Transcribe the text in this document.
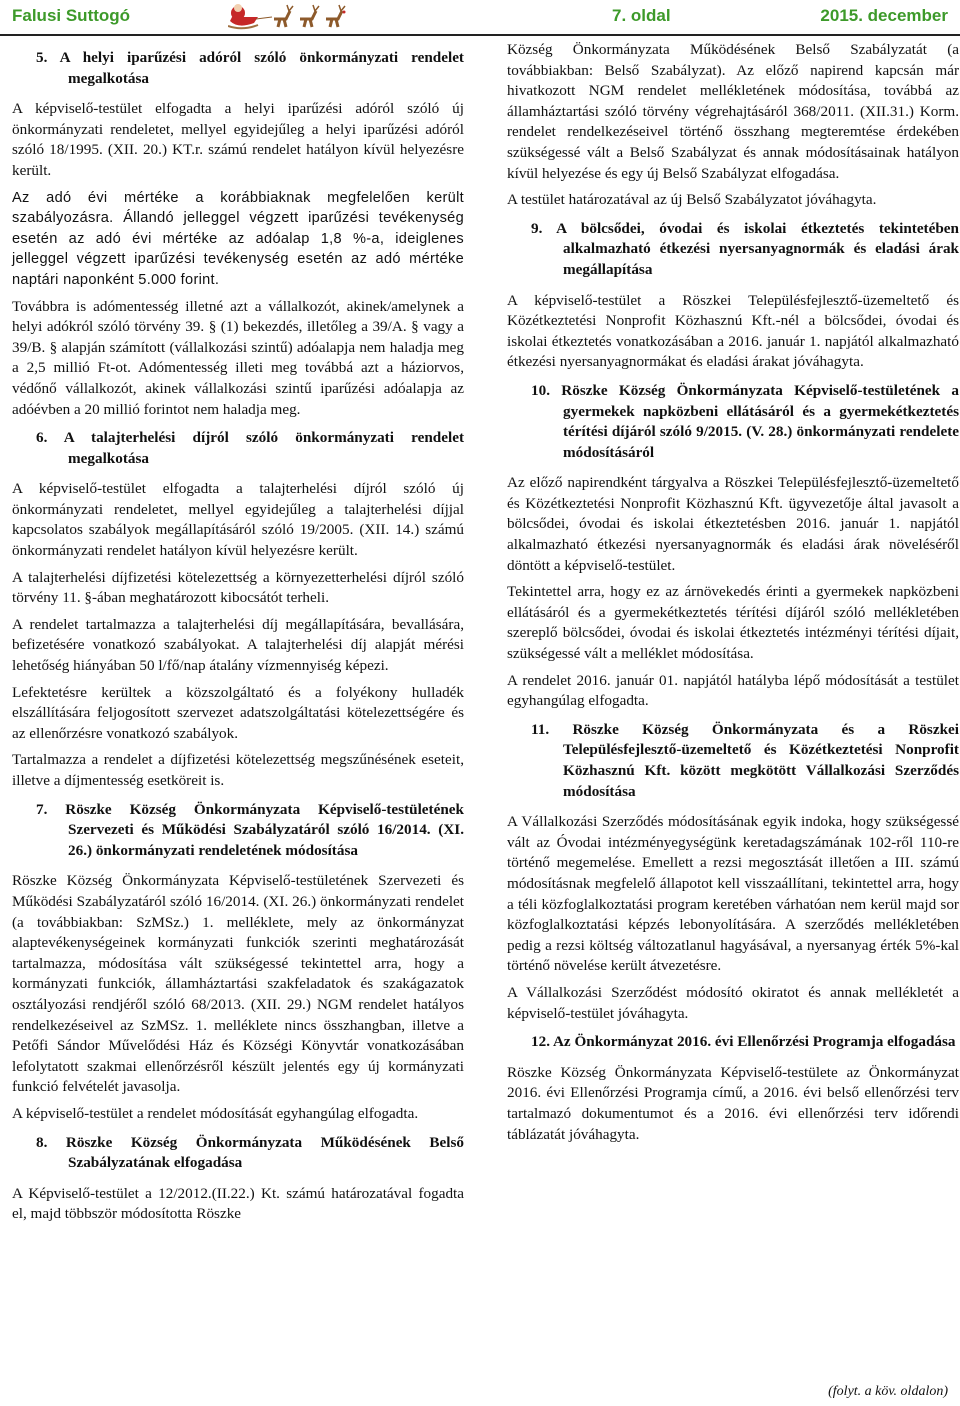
Falusi Suttogó	7. oldal	2015. december
5. A helyi iparűzési adóról szóló önkormányzati rendelet megalkotása

A képviselő-testület elfogadta a helyi iparűzési adóról szóló új önkormányzati rendeletet, mellyel egyidejűleg a helyi iparűzési adóról szóló 18/1995. (XII. 20.) KT.r. számú rendelet hatályon kívül helyezésre került.

Az adó évi mértéke a korábbiaknak megfelelően került szabályozásra. Állandó jelleggel végzett iparűzési tevékenység esetén az adó évi mértéke az adóalap 1,8 %-a, ideiglenes jelleggel végzett iparűzési tevékenység esetén az adó mértéke naptári naponként 5.000 forint.

Továbbra is adómentesség illetné azt a vállalkozót, akinek/amelynek a helyi adókról szóló törvény 39. § (1) bekezdés, illetőleg a 39/A. § vagy a 39/B. § alapján számított (vállalkozási szintű) adóalapja nem haladja meg a 2,5 millió Ft-ot. Adómentesség illeti meg továbbá azt a háziorvos, védőnő vállalkozót, akinek vállalkozási szintű iparűzési adóalapja az adóévben a 20 millió forintot nem haladja meg.

6. A talajterhelési díjról szóló önkormányzati rendelet megalkotása

A képviselő-testület elfogadta a talajterhelési díjról szóló új önkormányzati rendeletet, mellyel egyidejűleg a talajterhelési díjjal kapcsolatos szabályok megállapításáról szóló 19/2005. (XII. 14.) számú önkormányzati rendelet hatályon kívül helyezésre került.

A talajterhelési díjfizetési kötelezettség a környezetterhelési díjról szóló törvény 11. §-ában meghatározott kibocsátót terheli.

A rendelet tartalmazza a talajterhelési díj megállapítására, bevallására, befizetésére vonatkozó szabályokat. A talajterhelési díj alapját mérési lehetőség hiányában 50 l/fő/nap átalány vízmennyiség képezi.

Lefektetésre kerültek a közszolgáltató és a folyékony hulladék elszállítására feljogosított szervezet adatszolgáltatási kötelezettségére és az ellenőrzésre vonatkozó szabályok.

Tartalmazza a rendelet a díjfizetési kötelezettség megszűnésének eseteit, illetve a díjmentesség esetköreit is.

7. Röszke Község Önkormányzata Képviselő-testületének Szervezeti és Működési Szabályzatáról szóló 16/2014. (XI. 26.) önkormányzati rendeletének módosítása

Röszke Község Önkormányzata Képviselő-testületének Szervezeti és Működési Szabályzatáról szóló 16/2014. (XI. 26.) önkormányzati rendelet (a továbbiakban: SzMSz.) 1. melléklete, mely az önkormányzat alaptevékenységeinek kormányzati funkciók szerinti meghatározását tartalmazza, módosítása vált szükségessé tekintettel arra, hogy a kormányzati funkciók, államháztartási szakfeladatok és szakágazatok osztályozási rendjéről szóló 68/2013. (XII. 29.) NGM rendelet hatályos rendelkezéseivel az SzMSz. 1. melléklete nincs összhangban, illetve a Petőfi Sándor Művelődési Ház és Községi Könyvtár vonatkozásában lefolytatott szakmai ellenőrzésről készült jelentés egy új kormányzati funkció felvételét javasolja.

A képviselő-testület a rendelet módosítását egyhangúlag elfogadta.

8. Röszke Község Önkormányzata Működésének Belső Szabályzatának elfogadása

A Képviselő-testület a 12/2012.(II.22.) Kt. számú határozatával fogadta el, majd többször módosította Röszke

Község Önkormányzata Működésének Belső Szabályzatát (a továbbiakban: Belső Szabályzat). Az előző napirend kapcsán már hivatkozott NGM rendelet mellékletének módosítása, továbbá az államháztartási szóló törvény végrehajtásáról 368/2011. (XII.31.) Korm. rendelet rendelkezéseivel történő összhang megteremtése érdekében szükségessé vált a Belső Szabályzat és annak módosításainak hatályon kívül helyezése és egy új Belső Szabályzat elfogadása.

A testület határozatával az új Belső Szabályzatot jóváhagyta.

9. A bölcsődei, óvodai és iskolai étkeztetés tekintetében alkalmazható étkezési nyersanyagnormák és eladási árak megállapítása

A képviselő-testület a Röszkei Településfejlesztő-üzemeltető és Közétkeztetési Nonprofit Közhasznú Kft.-nél a bölcsődei, óvodai és iskolai étkeztetés vonatkozásában a 2016. január 1. napjától alkalmazható étkezési nyersanyagnormákat és eladási árakat jóváhagyta.

10. Röszke Község Önkormányzata Képviselő-testületének a gyermekek napközbeni ellátásáról és a gyermekétkeztetés térítési díjáról szóló 9/2015. (V. 28.) önkormányzati rendelete módosításáról

Az előző napirendként tárgyalva a Röszkei Településfejlesztő-üzemeltető és Közétkeztetési Nonprofit Közhasznú Kft. ügyvezetője által javasolt a bölcsődei, óvodai és iskolai étkeztetésben 2016. január 1. napjától alkalmazható étkezési nyersanyagnormák és eladási árak növeléséről döntött a képviselő-testület.

Tekintettel arra, hogy ez az árnövekedés érinti a gyermekek napközbeni ellátásáról és a gyermekétkeztetés térítési díjáról szóló mellékletében szereplő bölcsődei, óvodai és iskolai étkeztetés intézményi térítési díjait, szükségessé vált a melléklet módosítása.

A rendelet 2016. január 01. napjától hatályba lépő módosítását a testület egyhangúlag elfogadta.

11. Röszke Község Önkormányzata és a Röszkei Településfejlesztő-üzemeltető és Közétkeztetési Nonprofit Közhasznú Kft. között megkötött Vállalkozási Szerződés módosítása

A Vállalkozási Szerződés módosításának egyik indoka, hogy szükségessé vált az Óvodai intézményegységünk keretadagszámának 102-ről 110-re történő megemelése. Emellett a rezsi megosztását illetően a III. számú módosításnak megfelelő állapotot kell visszaállítani, tekintettel arra, hogy a téli közfoglalkoztatási program keretében várhatóan nem kerül majd sor közfoglalkoztatási képzés lebonyolítására. A szerződés mellékletében pedig a rezsi költség változatlanul hagyásával, a nyersanyag érték 5%-kal történő növelése került átvezetésre.

A Vállalkozási Szerződést módosító okiratot és annak mellékletét a képviselő-testület jóváhagyta.

12. Az Önkormányzat 2016. évi Ellenőrzési Programja elfogadása

Röszke Község Önkormányzata Képviselő-testülete az Önkormányzat 2016. évi Ellenőrzési Programja című, a 2016. évi belső ellenőrzési terv tartalmazó dokumentumot és a 2016. évi ellenőrzési terv időrendi táblázatát jóváhagyta.

(folyt. a köv. oldalon)
